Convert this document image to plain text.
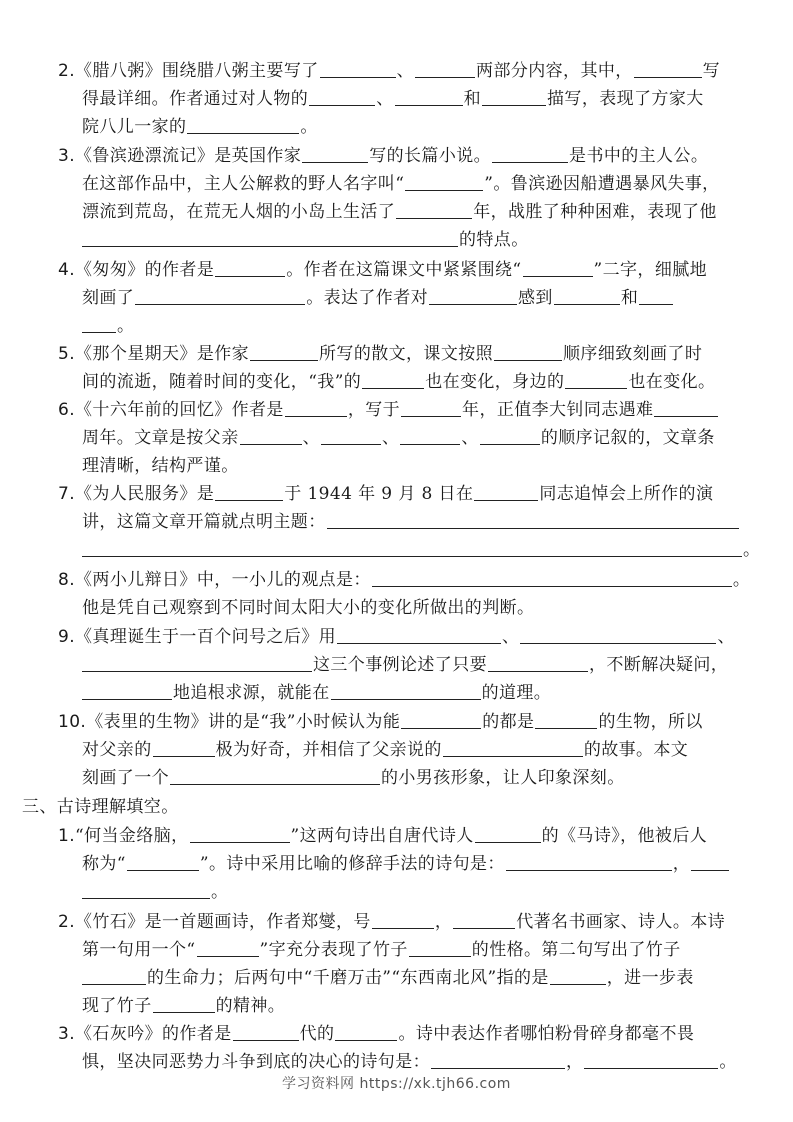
2.《腊八粥》围绕腊八粥主要写了	、	两部分内容，其中，	写
得最详细。作者通过对人物的	、	和	描写，表现了方家大
院八儿一家的	。
3.《鲁滨逊漂流记》是英国作家	写的长篇小说。	是书中的主人公。
在这部作品中，主人公解救的野人名字叫“	”。鲁滨逊因船遭遇暴风失事，
漂流到荒岛，在荒无人烟的小岛上生活了	年，战胜了种种困难，表现了他
的特点。
4.《匆匆》的作者是	。作者在这篇课文中紧紧围绕“	”二字，细腻地
刻画了	。表达了作者对	感到	和
。
5.《那个星期天》是作家	所写的散文，课文按照	顺序细致刻画了时
间的流逝，随着时间的变化，“我”的	也在变化，身边的	也在变化。
6.《十六年前的回忆》作者是	，写于	年，正值李大钊同志遇难
周年。文章是按父亲	、	、	、	的顺序记叙的，文章条
理清晰，结构严谨。
7.《为人民服务》是	于 1944 年 9 月 8 日在	同志追悼会上所作的演
讲，这篇文章开篇就点明主题：
。
8.《两小儿辩日》中，一小儿的观点是：	。
他是凭自己观察到不同时间太阳大小的变化所做出的判断。
9.《真理诞生于一百个问号之后》用	、	、
这三个事例论述了只要	，不断解决疑问，
地追根求源，就能在	的道理。
10.《表里的生物》讲的是“我”小时候认为能	的都是	的生物，所以
对父亲的	极为好奇，并相信了父亲说的	的故事。本文
刻画了一个	的小男孩形象，让人印象深刻。
三、古诗理解填空。
1.“何当金络脑，	”这两句诗出自唐代诗人	的《马诗》，他被后人
称为“	”。诗中采用比喻的修辞手法的诗句是：	，
。
2.《竹石》是一首题画诗，作者郑燮，号	，	代著名书画家、诗人。本诗
第一句用一个“	”字充分表现了竹子	的性格。第二句写出了竹子
的生命力；后两句中“千磨万击”“东西南北风”指的是	，进一步表
现了竹子	的精神。
3.《石灰吟》的作者是	代的	。诗中表达作者哪怕粉骨碎身都毫不畏
惧，坚决同恶势力斗争到底的决心的诗句是：	，	。
学习资料网 https://xk.tjh66.com
